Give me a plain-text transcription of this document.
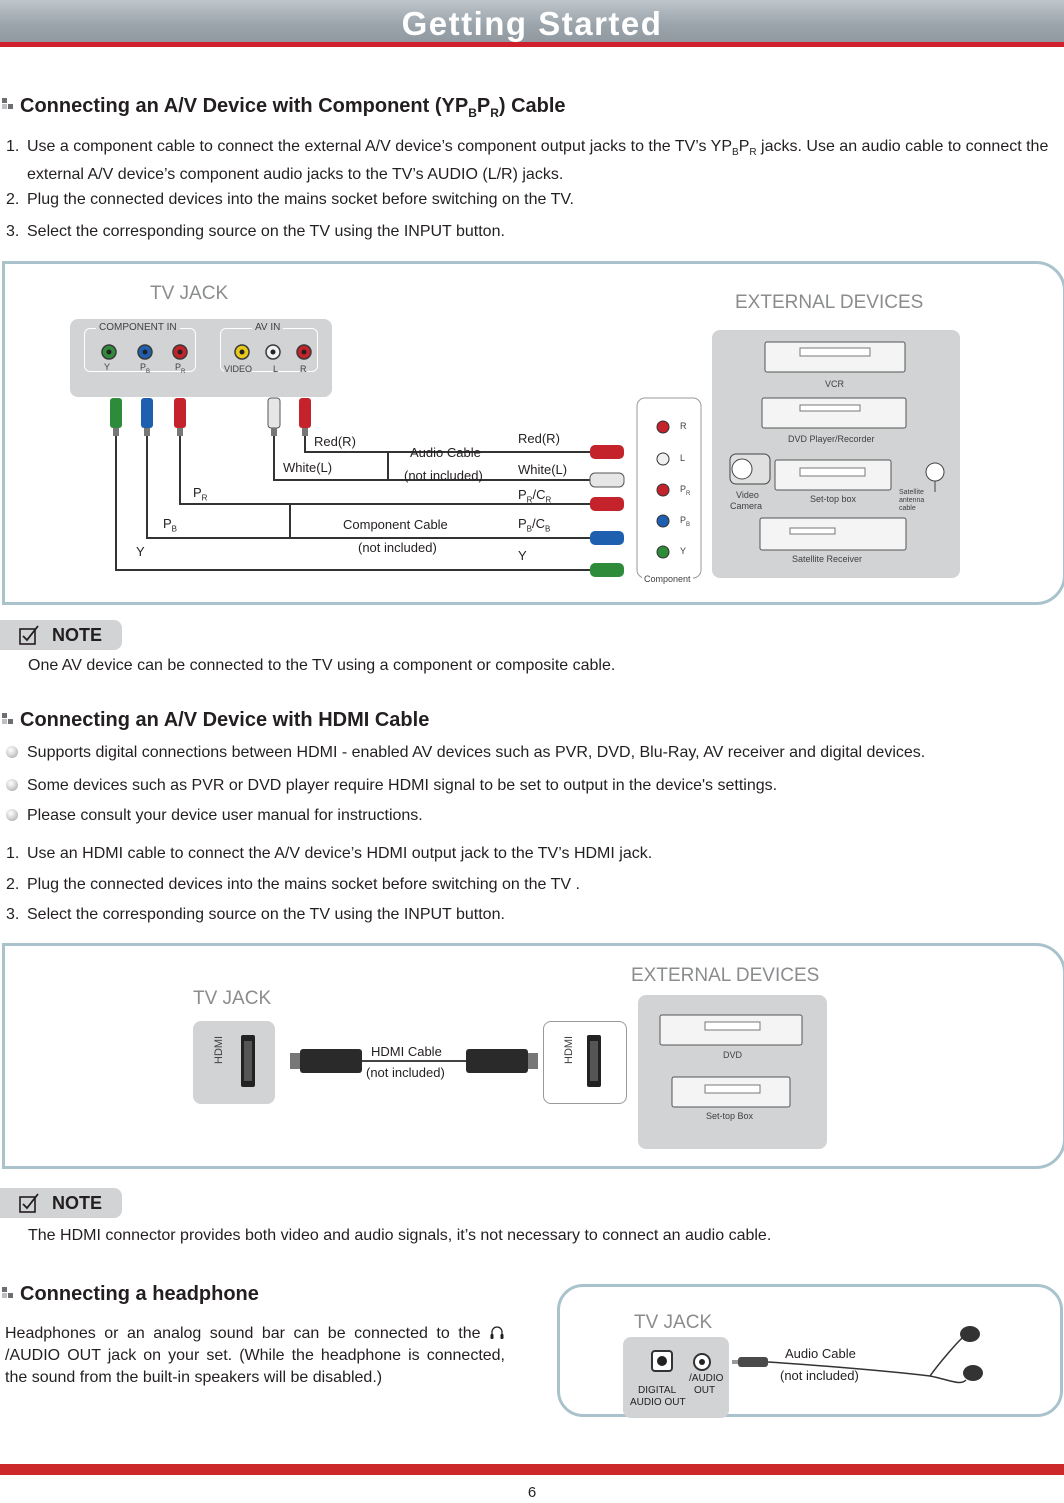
Getting Started
Connecting an A/V Device with Component $(YP_BP_R)$ Cable
1. Use a component cable to connect the external A/V device’s component output jacks to the TV’s $YP_BP_R$ jacks. Use an audio cable to connect the external A/V device’s component audio jacks to the TV’s AUDIO (L/R) jacks.
2. Plug the connected devices into the mains socket before switching on the TV.
3. Select the corresponding source on the TV using the INPUT button.
TV JACK	EXTERNAL DEVICES
COMPONENT IN	AV IN
Y	$P_B$	$P_R$	VIDEO L R
Red(R)
White(L)
Audio Cable
(not included)
Red(R)
White(L)
$P_R$
$P_B$
Y
Component Cable
(not included)
$P_R/C_R$
$P_B/C_B$
Y
R
L
$P_R$
$P_B$
Y
Component
VCR
DVD Player/Recorder
Video
Camera
Set-top box
Satellite
antenna
cable
Satellite Receiver
NOTE
One AV device can be connected to the TV using a component or composite cable.
Connecting an A/V Device with HDMI Cable
Supports digital connections between HDMI - enabled AV devices such as PVR, DVD, Blu-Ray, AV receiver and digital devices.
Some devices such as PVR or DVD player require HDMI signal to be set to output in the device's settings.
Please consult your device user manual for instructions.
1. Use an HDMI cable to connect the A/V device’s HDMI output jack to the TV’s HDMI jack.
2. Plug the connected devices into the mains socket before switching on the TV .
3. Select the corresponding source on the TV using the INPUT button.
TV JACK
EXTERNAL DEVICES
HDMI	HDMI
HDMI Cable
(not included)
DVD
Set-top Box
NOTE
The HDMI connector provides both video and audio signals, it’s not necessary to connect an audio cable.
Connecting a headphone
Headphones or an analog sound bar can be connected to the /AUDIO OUT jack on your set. (While the headphone is connected, the sound from the built-in speakers will be disabled.)
TV JACK
DIGITAL
AUDIO OUT
/AUDIO
OUT
Audio Cable
(not included)
6
